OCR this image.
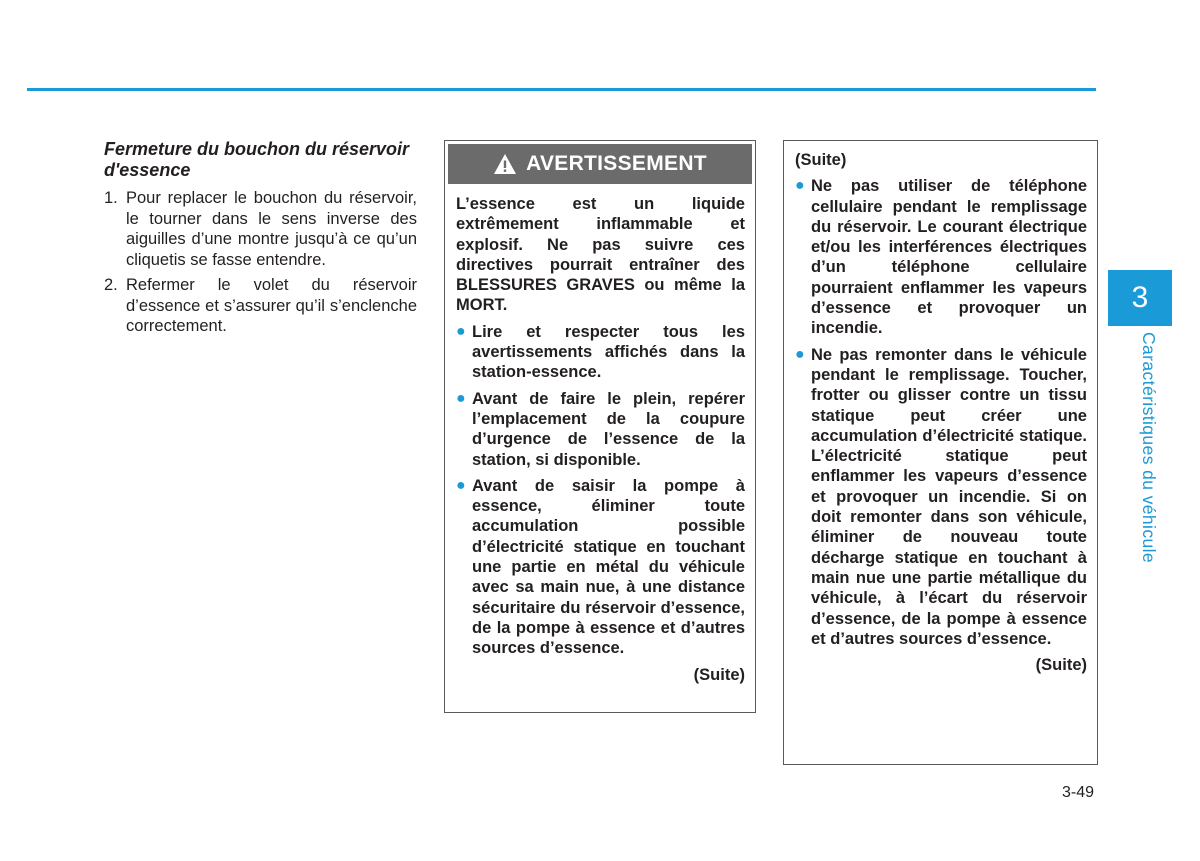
Fermeture du bouchon du réservoir d'essence
1. Pour replacer le bouchon du réservoir, le tourner dans le sens inverse des aiguilles d’une montre jusqu’à ce qu’un cliquetis se fasse entendre.
2. Refermer le volet du réservoir d’essence et s’assurer qu’il s’enclenche correctement.
AVERTISSEMENT

L’essence est un liquide extrêmement inflammable et explosif. Ne pas suivre ces directives pourrait entraîner des BLESSURES GRAVES ou même la MORT.

● Lire et respecter tous les avertissements affichés dans la station-essence.
● Avant de faire le plein, repérer l’emplacement de la coupure d’urgence de l’essence de la station, si disponible.
● Avant de saisir la pompe à essence, éliminer toute accumulation possible d’électricité statique en touchant une partie en métal du véhicule avec sa main nue, à une distance sécuritaire du réservoir d’essence, de la pompe à essence et d’autres sources d’essence.

(Suite)

(Suite)

● Ne pas utiliser de téléphone cellulaire pendant le remplissage du réservoir. Le courant électrique et/ou les interférences électriques d’un téléphone cellulaire pourraient enflammer les vapeurs d’essence et provoquer un incendie.
● Ne pas remonter dans le véhicule pendant le remplissage. Toucher, frotter ou glisser contre un tissu statique peut créer une accumulation d’électricité statique. L’électricité statique peut enflammer les vapeurs d’essence et provoquer un incendie. Si on doit remonter dans son véhicule, éliminer de nouveau toute décharge statique en touchant à main nue une partie métallique du véhicule, à l’écart du réservoir d’essence, de la pompe à essence et d’autres sources d’essence.

(Suite)

3
Caractéristiques du véhicule
3-49
